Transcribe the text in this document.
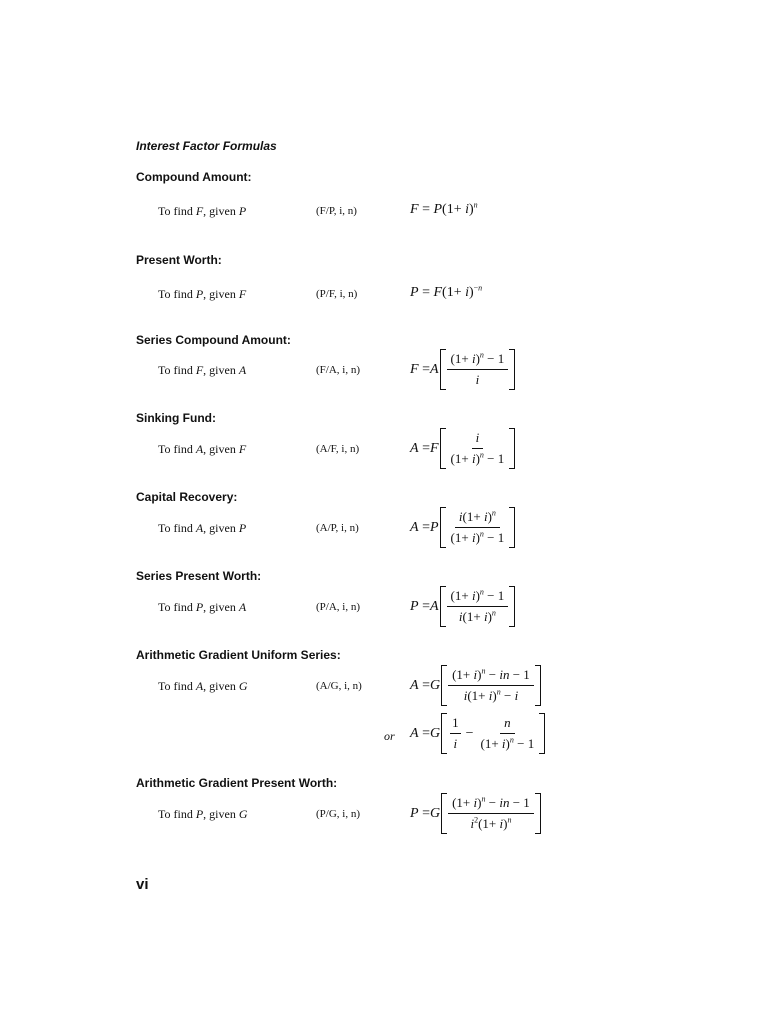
Interest Factor Formulas
Compound Amount:
To find F, given P	(F/P, i, n)	$F = P(1+ i)^n$
Present Worth:
To find P, given F	(P/F, i, n)	$P = F(1+ i)^{-n}$
Series Compound Amount:
To find F, given A	(F/A, i, n)	F = A $\frac{(1+ i)^n - 1}{i}$
Sinking Fund:
To find A, given F	(A/F, i, n)	A = F $\frac{i}{(1+ i)^n - 1}$
Capital Recovery:
To find A, given P	(A/P, i, n)	A = P $\frac{i(1+ i)^n}{(1+ i)^n - 1}$
Series Present Worth:
To find P, given A	(P/A, i, n)	P = A $\frac{(1+ i)^n - 1}{i(1+ i)^n}$
Arithmetic Gradient Uniform Series:
To find A, given G	(A/G, i, n)	A = G $\frac{(1+ i)^n - in - 1}{i(1+ i)^n - i}$
or A = G $\frac{1}{i} - \frac{n}{(1+ i)^n - 1}$
Arithmetic Gradient Present Worth:
To find P, given G	(P/G, i, n)	P = G $\frac{(1+ i)^n - in - 1}{i^2(1+ i)^n}$
vi
